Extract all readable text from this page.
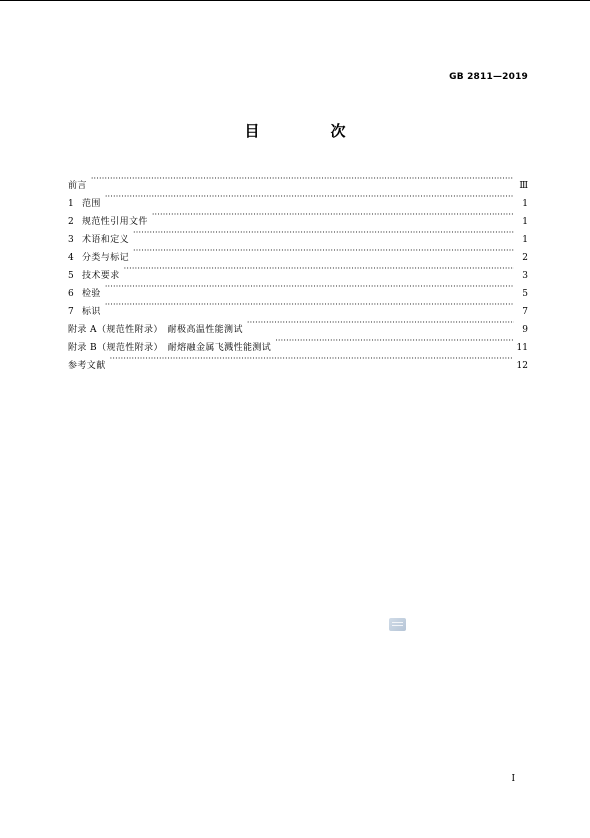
GB 2811—2019
目　次
前言 ·····	Ⅲ
1 范围 ·····	1
2 规范性引用文件 ·····	1
3 术语和定义 ·····	1
4 分类与标记 ·····	2
5 技术要求 ·····	3
6 检验 ·····	5
7 标识 ·····	7
附录 A（规范性附录）　耐极高温性能测试 ·····	9
附录 B（规范性附录）　耐熔融金属飞溅性能测试 ·····	11
参考文献 ·····	12
Ⅰ
